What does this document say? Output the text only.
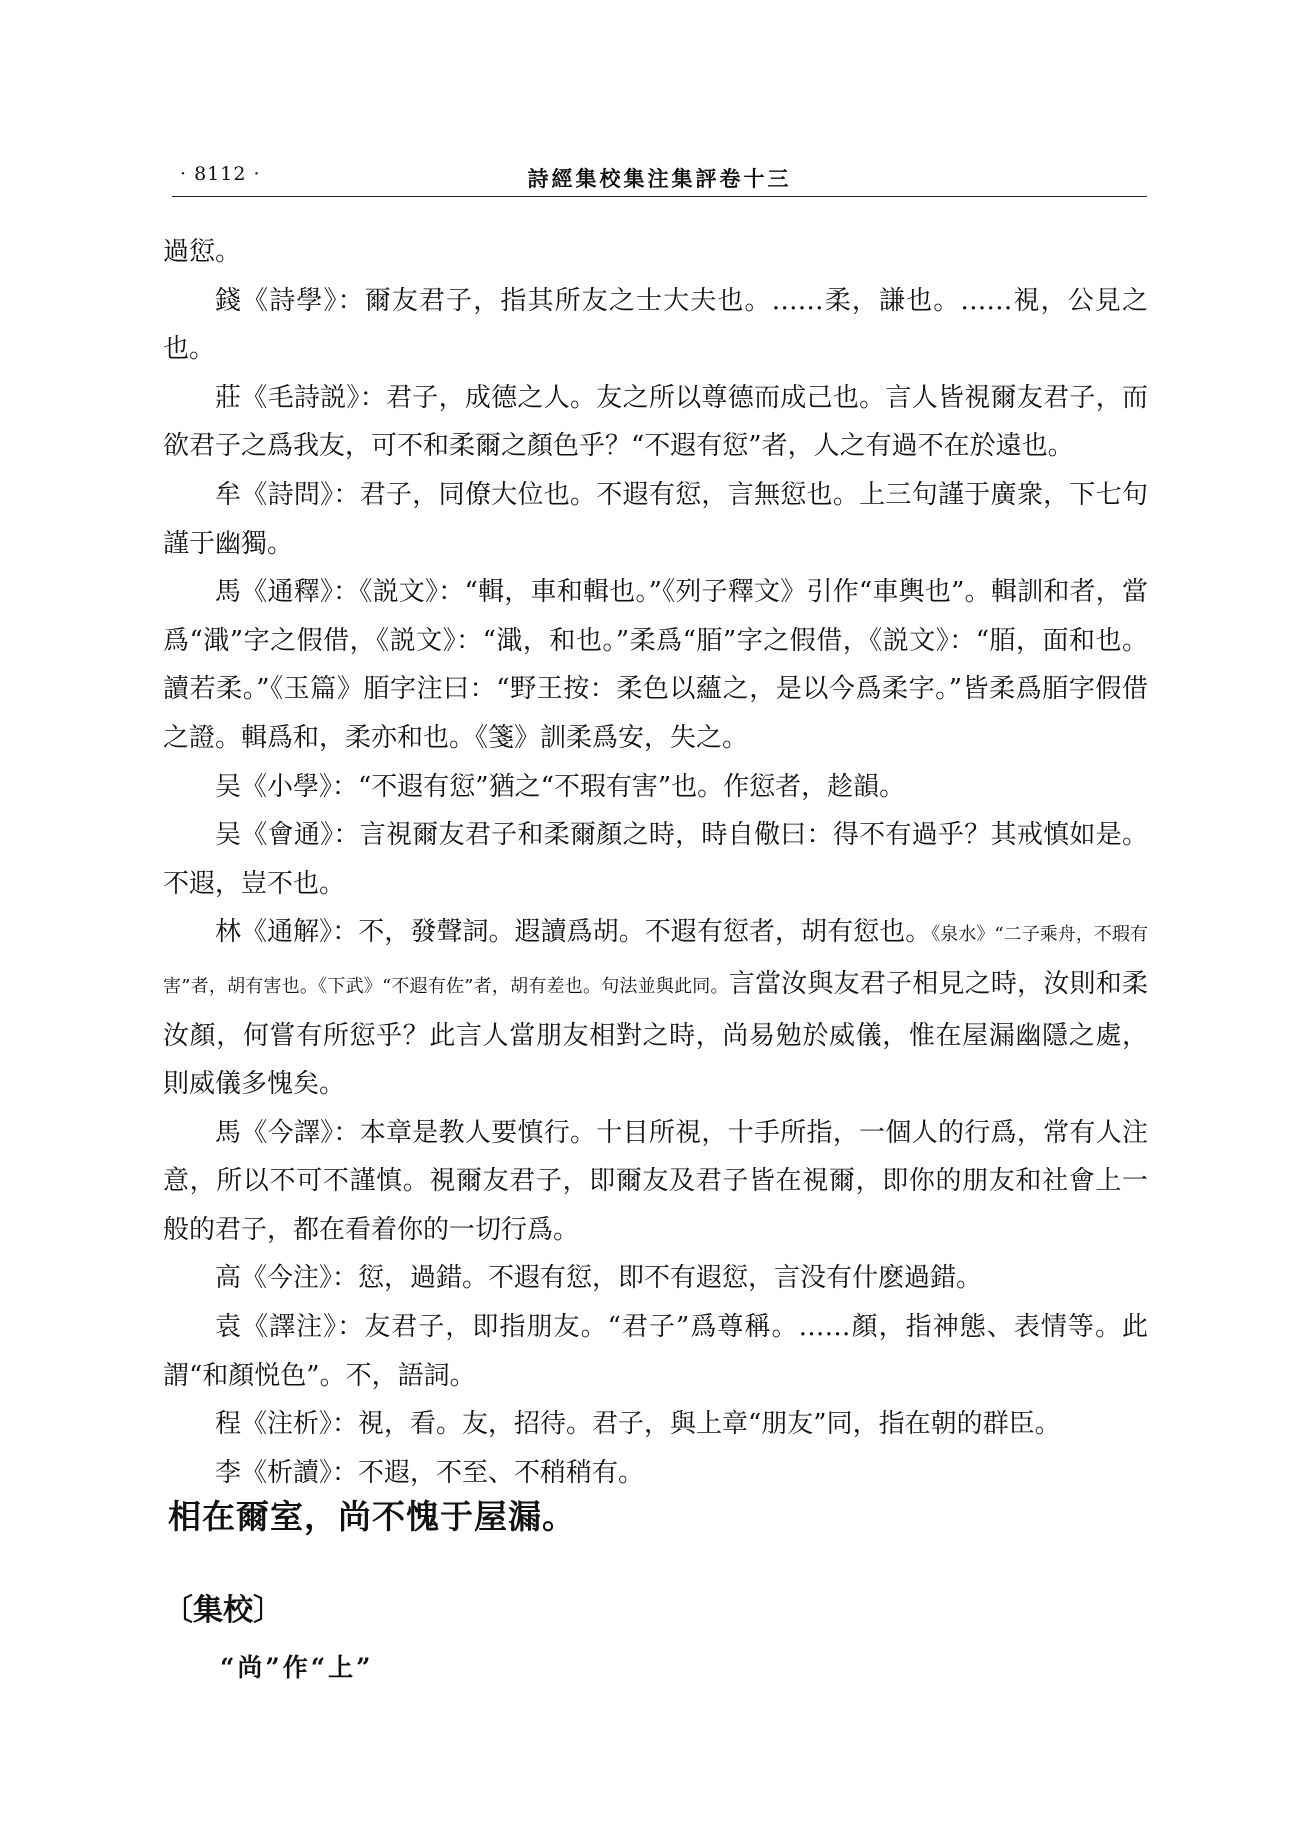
· 8112 ·	詩經集校集注集評卷十三

過愆。

錢《詩學》：爾友君子，指其所友之士大夫也。……柔，謙也。……視，公見之也。

莊《毛詩説》：君子，成德之人。友之所以尊德而成己也。言人皆視爾友君子，而欲君子之爲我友，可不和柔爾之顏色乎？“不遐有愆”者，人之有過不在於遠也。

牟《詩問》：君子，同僚大位也。不遐有愆，言無愆也。上三句謹于廣衆，下七句謹于幽獨。

馬《通釋》：《説文》：“輯，車和輯也。”《列子釋文》引作“車輿也”。輯訓和者，當爲“濈”字之假借，《説文》：“濈，和也。”柔爲“脜”字之假借，《説文》：“脜，面和也。讀若柔。”《玉篇》脜字注曰：“野王按：柔色以蘊之，是以今爲柔字。”皆柔爲脜字假借之證。輯爲和，柔亦和也。《箋》訓柔爲安，失之。

吴《小學》：“不遐有愆”猶之“不瑕有害”也。作愆者，趁韻。

吴《會通》：言視爾友君子和柔爾顏之時，時自儆曰：得不有過乎？其戒慎如是。不遐，豈不也。

林《通解》：不，發聲詞。遐讀爲胡。不遐有愆者，胡有愆也。《泉水》“二子乘舟，不瑕有害”者，胡有害也。《下武》“不遐有佐”者，胡有差也。句法並與此同。言當汝與友君子相見之時，汝則和柔汝顏，何嘗有所愆乎？此言人當朋友相對之時，尚易勉於威儀，惟在屋漏幽隱之處，則威儀多愧矣。

馬《今譯》：本章是教人要慎行。十目所視，十手所指，一個人的行爲，常有人注意，所以不可不謹慎。視爾友君子，即爾友及君子皆在視爾，即你的朋友和社會上一般的君子，都在看着你的一切行爲。

高《今注》：愆，過錯。不遐有愆，即不有遐愆，言没有什麽過錯。

袁《譯注》：友君子，即指朋友。“君子”爲尊稱。……顏，指神態、表情等。此謂“和顏悦色”。不，語詞。

程《注析》：視，看。友，招待。君子，與上章“朋友”同，指在朝的群臣。

李《析讀》：不遐，不至、不稍稍有。

相在爾室，尚不愧于屋漏。
〔集校〕
“尚”作“上”
